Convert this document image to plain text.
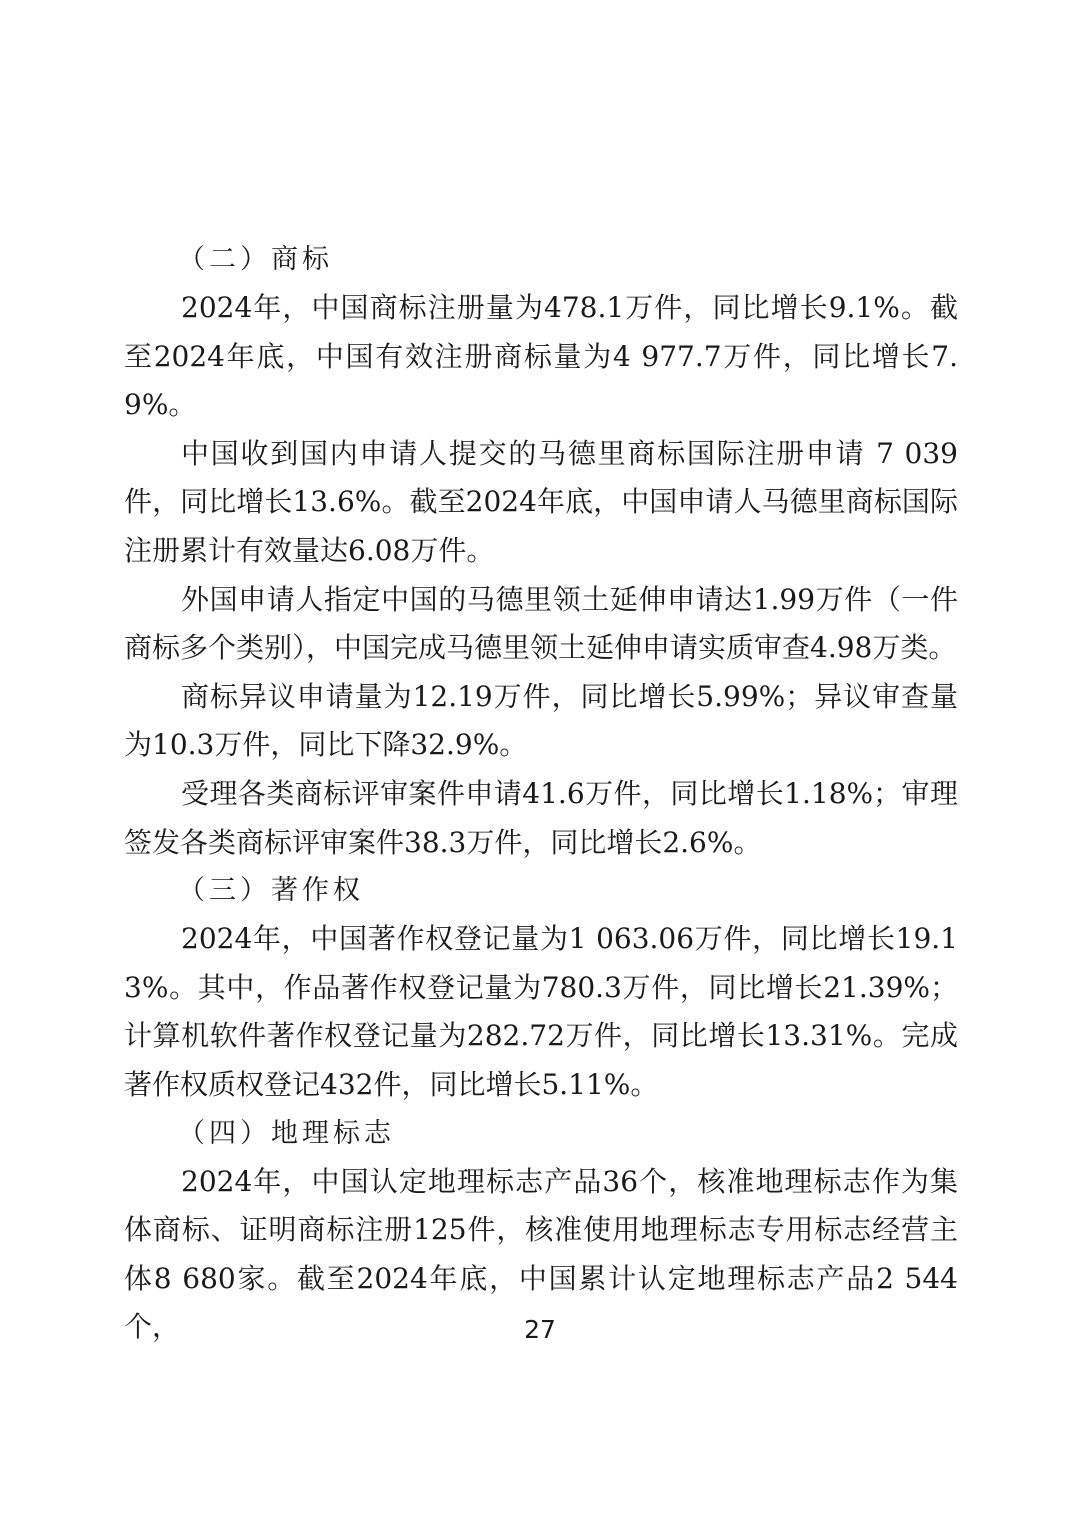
（二）商标

2024年，中国商标注册量为478.1万件，同比增长9.1%。截至2024年底，中国有效注册商标量为4 977.7万件，同比增长7.9%。

中国收到国内申请人提交的马德里商标国际注册申请 7 039件，同比增长13.6%。截至2024年底，中国申请人马德里商标国际注册累计有效量达6.08万件。

外国申请人指定中国的马德里领土延伸申请达1.99万件（一件商标多个类别），中国完成马德里领土延伸申请实质审查4.98万类。

商标异议申请量为12.19万件，同比增长5.99%；异议审查量为10.3万件，同比下降32.9%。

受理各类商标评审案件申请41.6万件，同比增长1.18%；审理签发各类商标评审案件38.3万件，同比增长2.6%。

（三）著作权

2024年，中国著作权登记量为1 063.06万件，同比增长19.13%。其中，作品著作权登记量为780.3万件，同比增长21.39%；计算机软件著作权登记量为282.72万件，同比增长13.31%。完成著作权质权登记432件，同比增长5.11%。

（四）地理标志

2024年，中国认定地理标志产品36个，核准地理标志作为集体商标、证明商标注册125件，核准使用地理标志专用标志经营主体8 680家。截至2024年底，中国累计认定地理标志产品2 544个，	27
